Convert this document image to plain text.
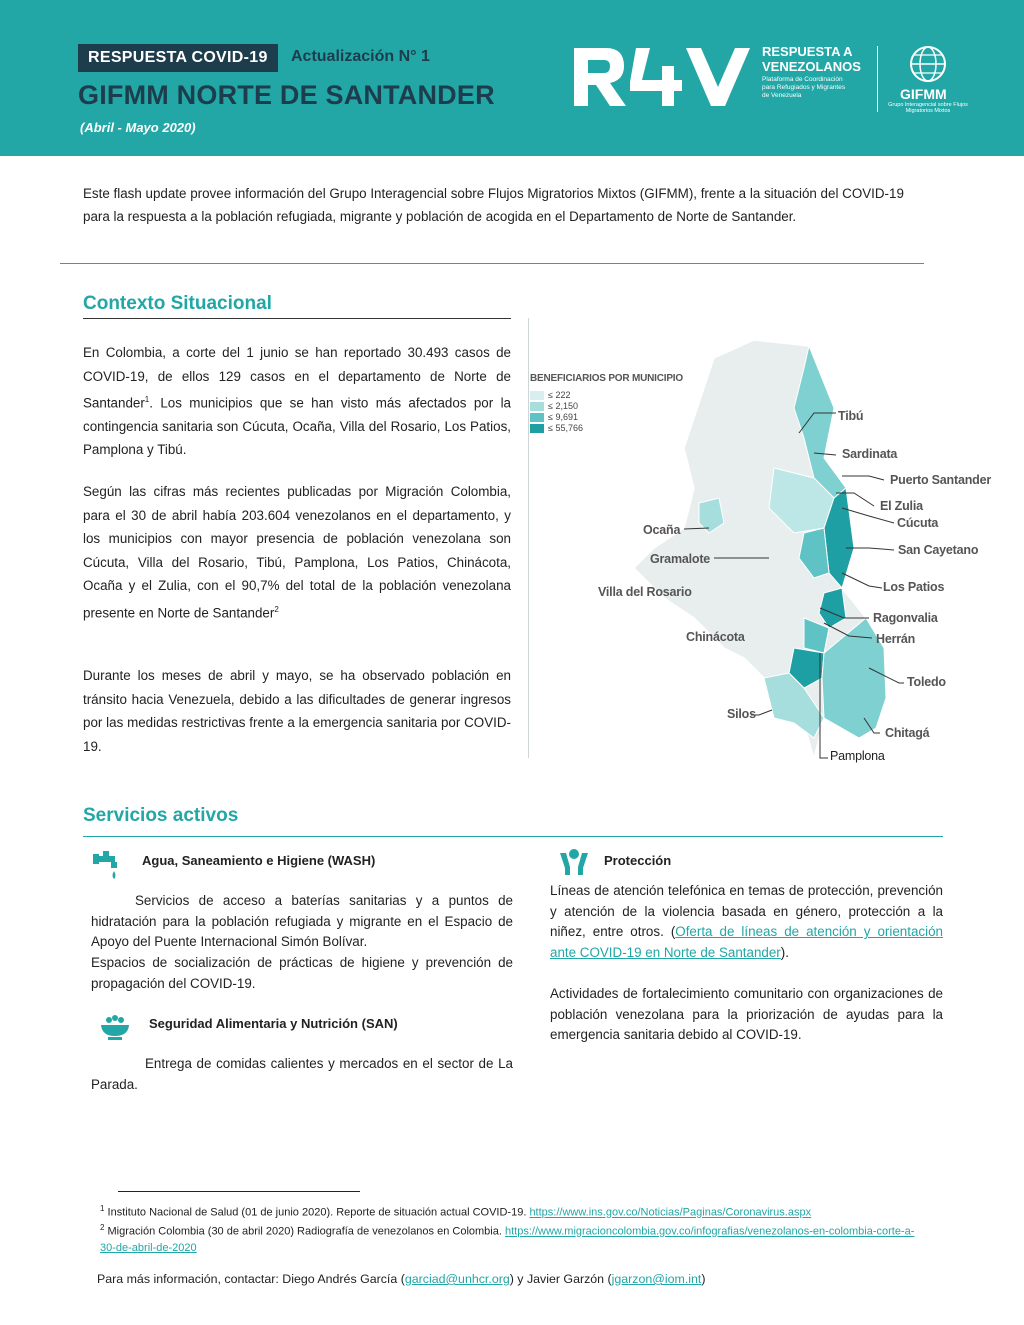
RESPUESTA COVID-19	Actualización N° 1
GIFMM NORTE DE SANTANDER
(Abril - Mayo 2020)
RESPUESTA A
VENEZOLANOS
Plataforma de Coordinación
para Refugiados y Migrantes
de Venezuela	GIFMM
Grupo Interagencial sobre Flujos Migratorios Mixtos
Este flash update provee información del Grupo Interagencial sobre Flujos Migratorios Mixtos (GIFMM), frente a la situación del COVID-19 para la respuesta a la población refugiada, migrante y población de acogida en el Departamento de Norte de Santander.
Contexto Situacional
En Colombia, a corte del 1 junio se han reportado 30.493 casos de COVID-19, de ellos 129 casos en el departamento de Norte de Santander$^1$. Los municipios que se han visto más afectados por la contingencia sanitaria son Cúcuta, Ocaña, Villa del Rosario, Los Patios, Pamplona y Tibú.
Según las cifras más recientes publicadas por Migración Colombia, para el 30 de abril había 203.604 venezolanos en el departamento, y los municipios con mayor presencia de población venezolana son Cúcuta, Villa del Rosario, Tibú, Pamplona, Los Patios, Chinácota, Ocaña y el Zulia, con el 90,7% del total de la población venezolana presente en Norte de Santander$^2$
Durante los meses de abril y mayo, se ha observado población en tránsito hacia Venezuela, debido a las dificultades de generar ingresos por las medidas restrictivas frente a la emergencia sanitaria por COVID-19.
BENEFICIARIOS POR MUNICIPIO
≤ 222
≤ 2,150
≤ 9,691
≤ 55,766
Tibú
Sardinata
Puerto Santander
El Zulia
Cúcuta
San Cayetano
Los Patios
Ocaña
Gramalote
Villa del Rosario
Chinácota
Ragonvalia
Herrán
Toledo
Silos
Chitagá
Pamplona
Servicios activos
Agua, Saneamiento e Higiene (WASH)
Servicios de acceso a baterías sanitarias y a puntos de hidratación para la población refugiada y migrante en el Espacio de Apoyo del Puente Internacional Simón Bolívar.
Espacios de socialización de prácticas de higiene y prevención de propagación del COVID-19.
Seguridad Alimentaria y Nutrición (SAN)
Entrega de comidas calientes y mercados en el sector de La Parada.
Protección
Líneas de atención telefónica en temas de protección, prevención y atención de la violencia basada en género, protección a la niñez, entre otros. (Oferta de líneas de atención y orientación ante COVID-19 en Norte de Santander).
Actividades de fortalecimiento comunitario con organizaciones de población venezolana para la priorización de ayudas para la emergencia sanitaria debido al COVID-19.
$^1$ Instituto Nacional de Salud (01 de junio 2020). Reporte de situación actual COVID-19. https://www.ins.gov.co/Noticias/Paginas/Coronavirus.aspx
$^2$ Migración Colombia (30 de abril 2020) Radiografía de venezolanos en Colombia. https://www.migracioncolombia.gov.co/infografias/venezolanos-en-colombia-corte-a-30-de-abril-de-2020
Para más información, contactar: Diego Andrés García (garciad@unhcr.org) y Javier Garzón (jgarzon@iom.int)
